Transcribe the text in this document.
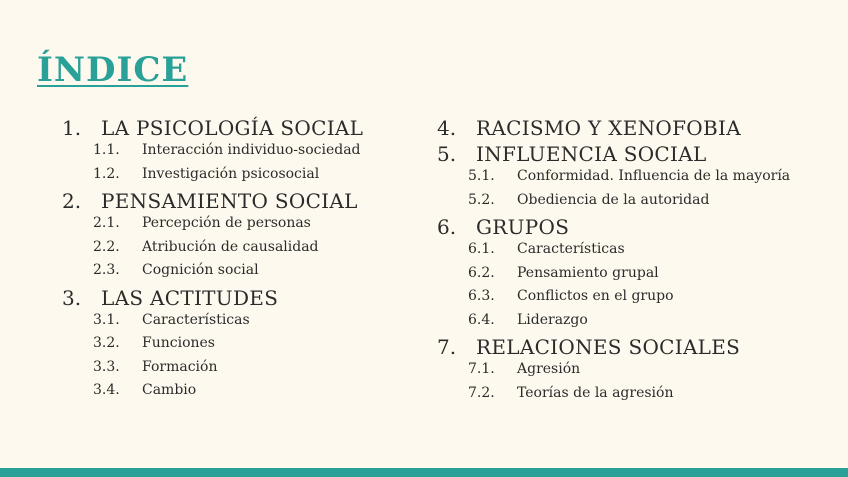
ÍNDICE
1. LA PSICOLOGÍA SOCIAL
1.1.	Interacción individuo-sociedad
1.2.	Investigación psicosocial
2. PENSAMIENTO SOCIAL
2.1.	Percepción de personas
2.2.	Atribución de causalidad
2.3.	Cognición social
3. LAS ACTITUDES
3.1.	Características
3.2.	Funciones
3.3.	Formación
3.4.	Cambio
4. RACISMO Y XENOFOBIA
5. INFLUENCIA SOCIAL
5.1.	Conformidad. Influencia de la mayoría
5.2.	Obediencia de la autoridad
6. GRUPOS
6.1.	Características
6.2.	Pensamiento grupal
6.3.	Conflictos en el grupo
6.4.	Liderazgo
7. RELACIONES SOCIALES
7.1.	Agresión
7.2.	Teorías de la agresión
